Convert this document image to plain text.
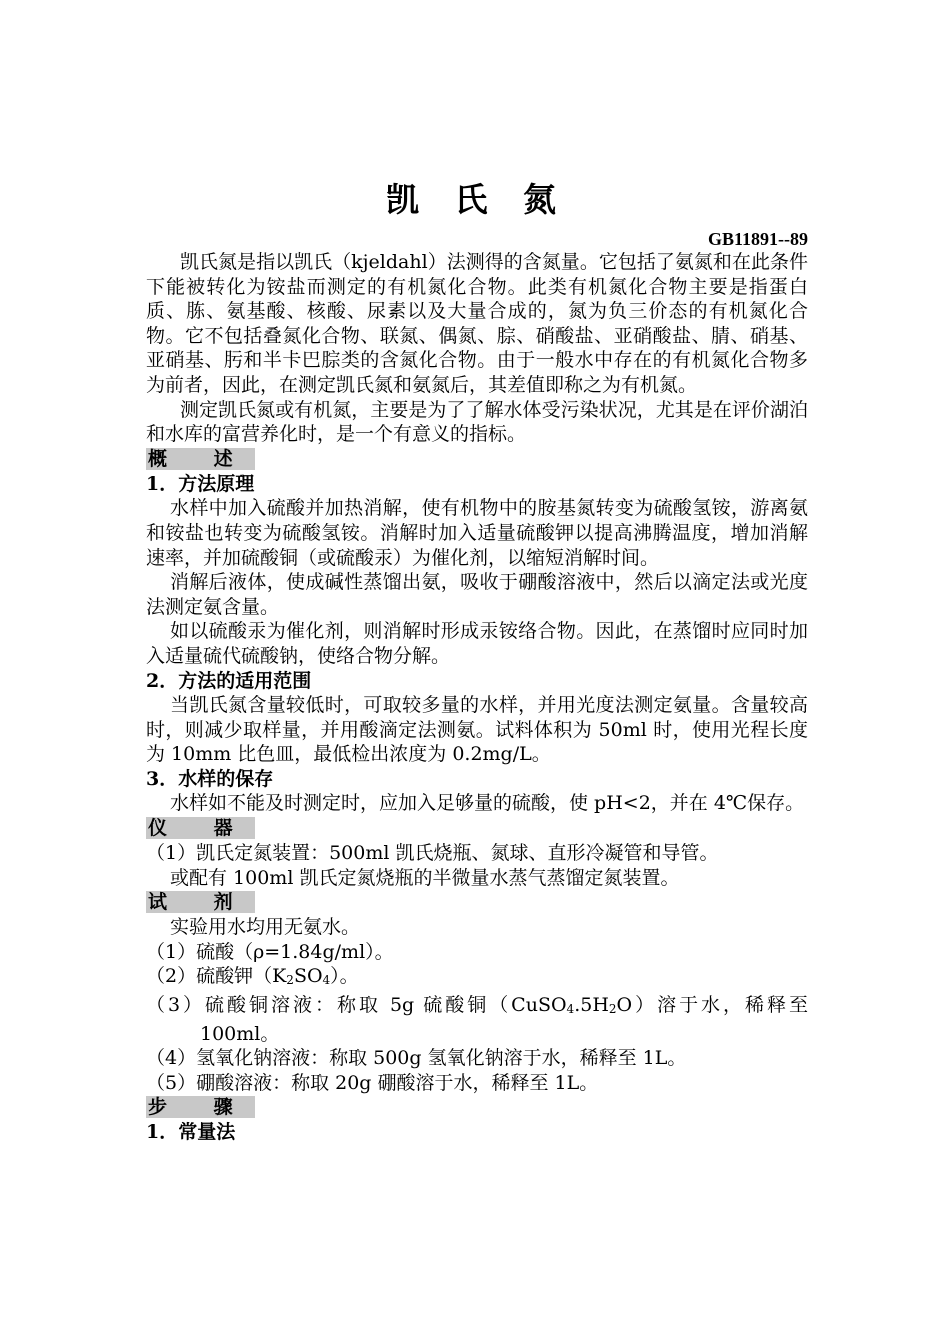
凯 氏 氮
GB11891--89

凯氏氮是指以凯氏（kjeldahl）法测得的含氮量。它包括了氨氮和在此条件下能被转化为铵盐而测定的有机氮化合物。此类有机氮化合物主要是指蛋白质、胨、氨基酸、核酸、尿素以及大量合成的，氮为负三价态的有机氮化合物。它不包括叠氮化合物、联氮、偶氮、腙、硝酸盐、亚硝酸盐、腈、硝基、亚硝基、肟和半卡巴腙类的含氮化合物。由于一般水中存在的有机氮化合物多为前者，因此，在测定凯氏氮和氨氮后，其差值即称之为有机氮。

测定凯氏氮或有机氮，主要是为了了解水体受污染状况，尤其是在评价湖泊和水库的富营养化时，是一个有意义的指标。

概 述
1．方法原理

水样中加入硫酸并加热消解，使有机物中的胺基氮转变为硫酸氢铵，游离氨和铵盐也转变为硫酸氢铵。消解时加入适量硫酸钾以提高沸腾温度，增加消解速率，并加硫酸铜（或硫酸汞）为催化剂，以缩短消解时间。

消解后液体，使成碱性蒸馏出氨，吸收于硼酸溶液中，然后以滴定法或光度法测定氨含量。

如以硫酸汞为催化剂，则消解时形成汞铵络合物。因此，在蒸馏时应同时加入适量硫代硫酸钠，使络合物分解。

2．方法的适用范围

当凯氏氮含量较低时，可取较多量的水样，并用光度法测定氨量。含量较高时，则减少取样量，并用酸滴定法测氨。试料体积为 50ml 时，使用光程长度为 10mm 比色皿，最低检出浓度为 0.2mg/L。

3．水样的保存

水样如不能及时测定时，应加入足够量的硫酸，使 pH<2，并在 4℃保存。

仪 器

（1）凯氏定氮装置：500ml 凯氏烧瓶、氮球、直形冷凝管和导管。

或配有 100ml 凯氏定氮烧瓶的半微量水蒸气蒸馏定氮装置。

试 剂

实验用水均用无氨水。

（1）硫酸（ρ=1.84g/ml）。

（2）硫酸钾$(K_2SO_4)$。

（3）硫酸铜溶液：称取 5g 硫酸铜$(CuSO_4.5H_2O)$溶于水，稀释至 100ml。

（4）氢氧化钠溶液：称取 500g 氢氧化钠溶于水，稀释至 1L。

（5）硼酸溶液：称取 20g 硼酸溶于水，稀释至 1L。

步 骤
1．常量法
